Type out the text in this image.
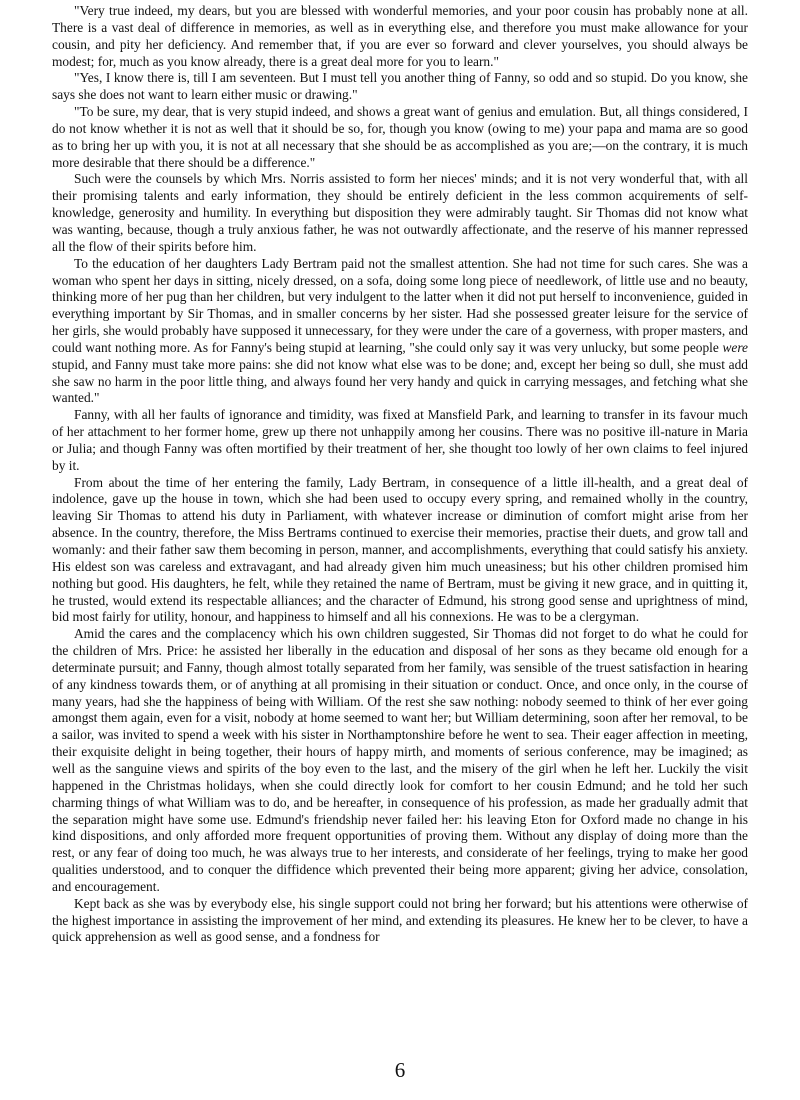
"Very true indeed, my dears, but you are blessed with wonderful memories, and your poor cousin has probably none at all. There is a vast deal of difference in memories, as well as in everything else, and therefore you must make allowance for your cousin, and pity her deficiency. And remember that, if you are ever so forward and clever yourselves, you should always be modest; for, much as you know already, there is a great deal more for you to learn."

"Yes, I know there is, till I am seventeen. But I must tell you another thing of Fanny, so odd and so stupid. Do you know, she says she does not want to learn either music or drawing."

"To be sure, my dear, that is very stupid indeed, and shows a great want of genius and emulation. But, all things considered, I do not know whether it is not as well that it should be so, for, though you know (owing to me) your papa and mama are so good as to bring her up with you, it is not at all necessary that she should be as accomplished as you are;—on the contrary, it is much more desirable that there should be a difference."

Such were the counsels by which Mrs. Norris assisted to form her nieces' minds; and it is not very wonderful that, with all their promising talents and early information, they should be entirely deficient in the less common acquirements of self-knowledge, generosity and humility. In everything but disposition they were admirably taught. Sir Thomas did not know what was wanting, because, though a truly anxious father, he was not outwardly affectionate, and the reserve of his manner repressed all the flow of their spirits before him.

To the education of her daughters Lady Bertram paid not the smallest attention. She had not time for such cares. She was a woman who spent her days in sitting, nicely dressed, on a sofa, doing some long piece of needlework, of little use and no beauty, thinking more of her pug than her children, but very indulgent to the latter when it did not put herself to inconvenience, guided in everything important by Sir Thomas, and in smaller concerns by her sister. Had she possessed greater leisure for the service of her girls, she would probably have supposed it unnecessary, for they were under the care of a governess, with proper masters, and could want nothing more. As for Fanny's being stupid at learning, "she could only say it was very unlucky, but some people were stupid, and Fanny must take more pains: she did not know what else was to be done; and, except her being so dull, she must add she saw no harm in the poor little thing, and always found her very handy and quick in carrying messages, and fetching what she wanted."

Fanny, with all her faults of ignorance and timidity, was fixed at Mansfield Park, and learning to transfer in its favour much of her attachment to her former home, grew up there not unhappily among her cousins. There was no positive ill-nature in Maria or Julia; and though Fanny was often mortified by their treatment of her, she thought too lowly of her own claims to feel injured by it.

From about the time of her entering the family, Lady Bertram, in consequence of a little ill-health, and a great deal of indolence, gave up the house in town, which she had been used to occupy every spring, and remained wholly in the country, leaving Sir Thomas to attend his duty in Parliament, with whatever increase or diminution of comfort might arise from her absence. In the country, therefore, the Miss Bertrams continued to exercise their memories, practise their duets, and grow tall and womanly: and their father saw them becoming in person, manner, and accomplishments, everything that could satisfy his anxiety. His eldest son was careless and extravagant, and had already given him much uneasiness; but his other children promised him nothing but good. His daughters, he felt, while they retained the name of Bertram, must be giving it new grace, and in quitting it, he trusted, would extend its respectable alliances; and the character of Edmund, his strong good sense and uprightness of mind, bid most fairly for utility, honour, and happiness to himself and all his connexions. He was to be a clergyman.

Amid the cares and the complacency which his own children suggested, Sir Thomas did not forget to do what he could for the children of Mrs. Price: he assisted her liberally in the education and disposal of her sons as they became old enough for a determinate pursuit; and Fanny, though almost totally separated from her family, was sensible of the truest satisfaction in hearing of any kindness towards them, or of anything at all promising in their situation or conduct. Once, and once only, in the course of many years, had she the happiness of being with William. Of the rest she saw nothing: nobody seemed to think of her ever going amongst them again, even for a visit, nobody at home seemed to want her; but William determining, soon after her removal, to be a sailor, was invited to spend a week with his sister in Northamptonshire before he went to sea. Their eager affection in meeting, their exquisite delight in being together, their hours of happy mirth, and moments of serious conference, may be imagined; as well as the sanguine views and spirits of the boy even to the last, and the misery of the girl when he left her. Luckily the visit happened in the Christmas holidays, when she could directly look for comfort to her cousin Edmund; and he told her such charming things of what William was to do, and be hereafter, in consequence of his profession, as made her gradually admit that the separation might have some use. Edmund's friendship never failed her: his leaving Eton for Oxford made no change in his kind dispositions, and only afforded more frequent opportunities of proving them. Without any display of doing more than the rest, or any fear of doing too much, he was always true to her interests, and considerate of her feelings, trying to make her good qualities understood, and to conquer the diffidence which prevented their being more apparent; giving her advice, consolation, and encouragement.

Kept back as she was by everybody else, his single support could not bring her forward; but his attentions were otherwise of the highest importance in assisting the improvement of her mind, and extending its pleasures. He knew her to be clever, to have a quick apprehension as well as good sense, and a fondness for

6
